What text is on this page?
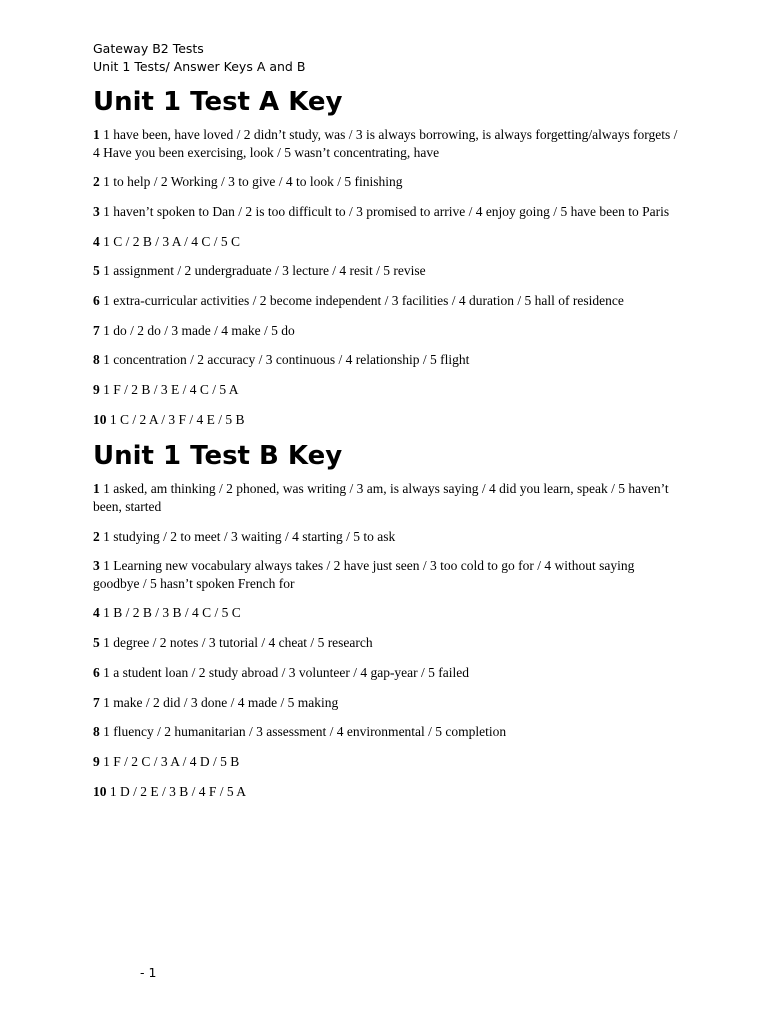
Gateway B2 Tests
Unit 1 Tests/ Answer Keys A and B
Unit 1 Test A Key

1 1 have been, have loved / 2 didn’t study, was / 3 is always borrowing, is always forgetting/always forgets / 4 Have you been exercising, look / 5 wasn’t concentrating, have

2 1 to help / 2 Working / 3 to give / 4 to look / 5 finishing

3 1 haven’t spoken to Dan / 2 is too difficult to / 3 promised to arrive / 4 enjoy going / 5 have been to Paris

4 1 C / 2 B / 3 A / 4 C / 5 C

5 1 assignment / 2 undergraduate / 3 lecture / 4 resit / 5 revise

6 1 extra-curricular activities / 2 become independent / 3 facilities / 4 duration / 5 hall of residence

7 1 do / 2 do / 3 made / 4 make / 5 do

8 1 concentration / 2 accuracy / 3 continuous / 4 relationship / 5 flight

9 1 F / 2 B / 3 E / 4 C / 5 A

10 1 C / 2 A / 3 F / 4 E / 5 B

Unit 1 Test B Key

1 1 asked, am thinking / 2 phoned, was writing / 3 am, is always saying / 4 did you learn, speak / 5 haven’t been, started

2 1 studying / 2 to meet / 3 waiting / 4 starting / 5 to ask

3 1 Learning new vocabulary always takes / 2 have just seen / 3 too cold to go for / 4 without saying goodbye / 5 hasn’t spoken French for

4 1 B / 2 B / 3 B / 4 C / 5 C

5 1 degree / 2 notes / 3 tutorial / 4 cheat / 5 research

6 1 a student loan / 2 study abroad / 3 volunteer / 4 gap-year / 5 failed

7 1 make / 2 did / 3 done / 4 made / 5 making

8 1 fluency / 2 humanitarian / 3 assessment / 4 environmental / 5 completion

9 1 F / 2 C / 3 A / 4 D / 5 B

10 1 D / 2 E / 3 B / 4 F / 5 A

- 1
